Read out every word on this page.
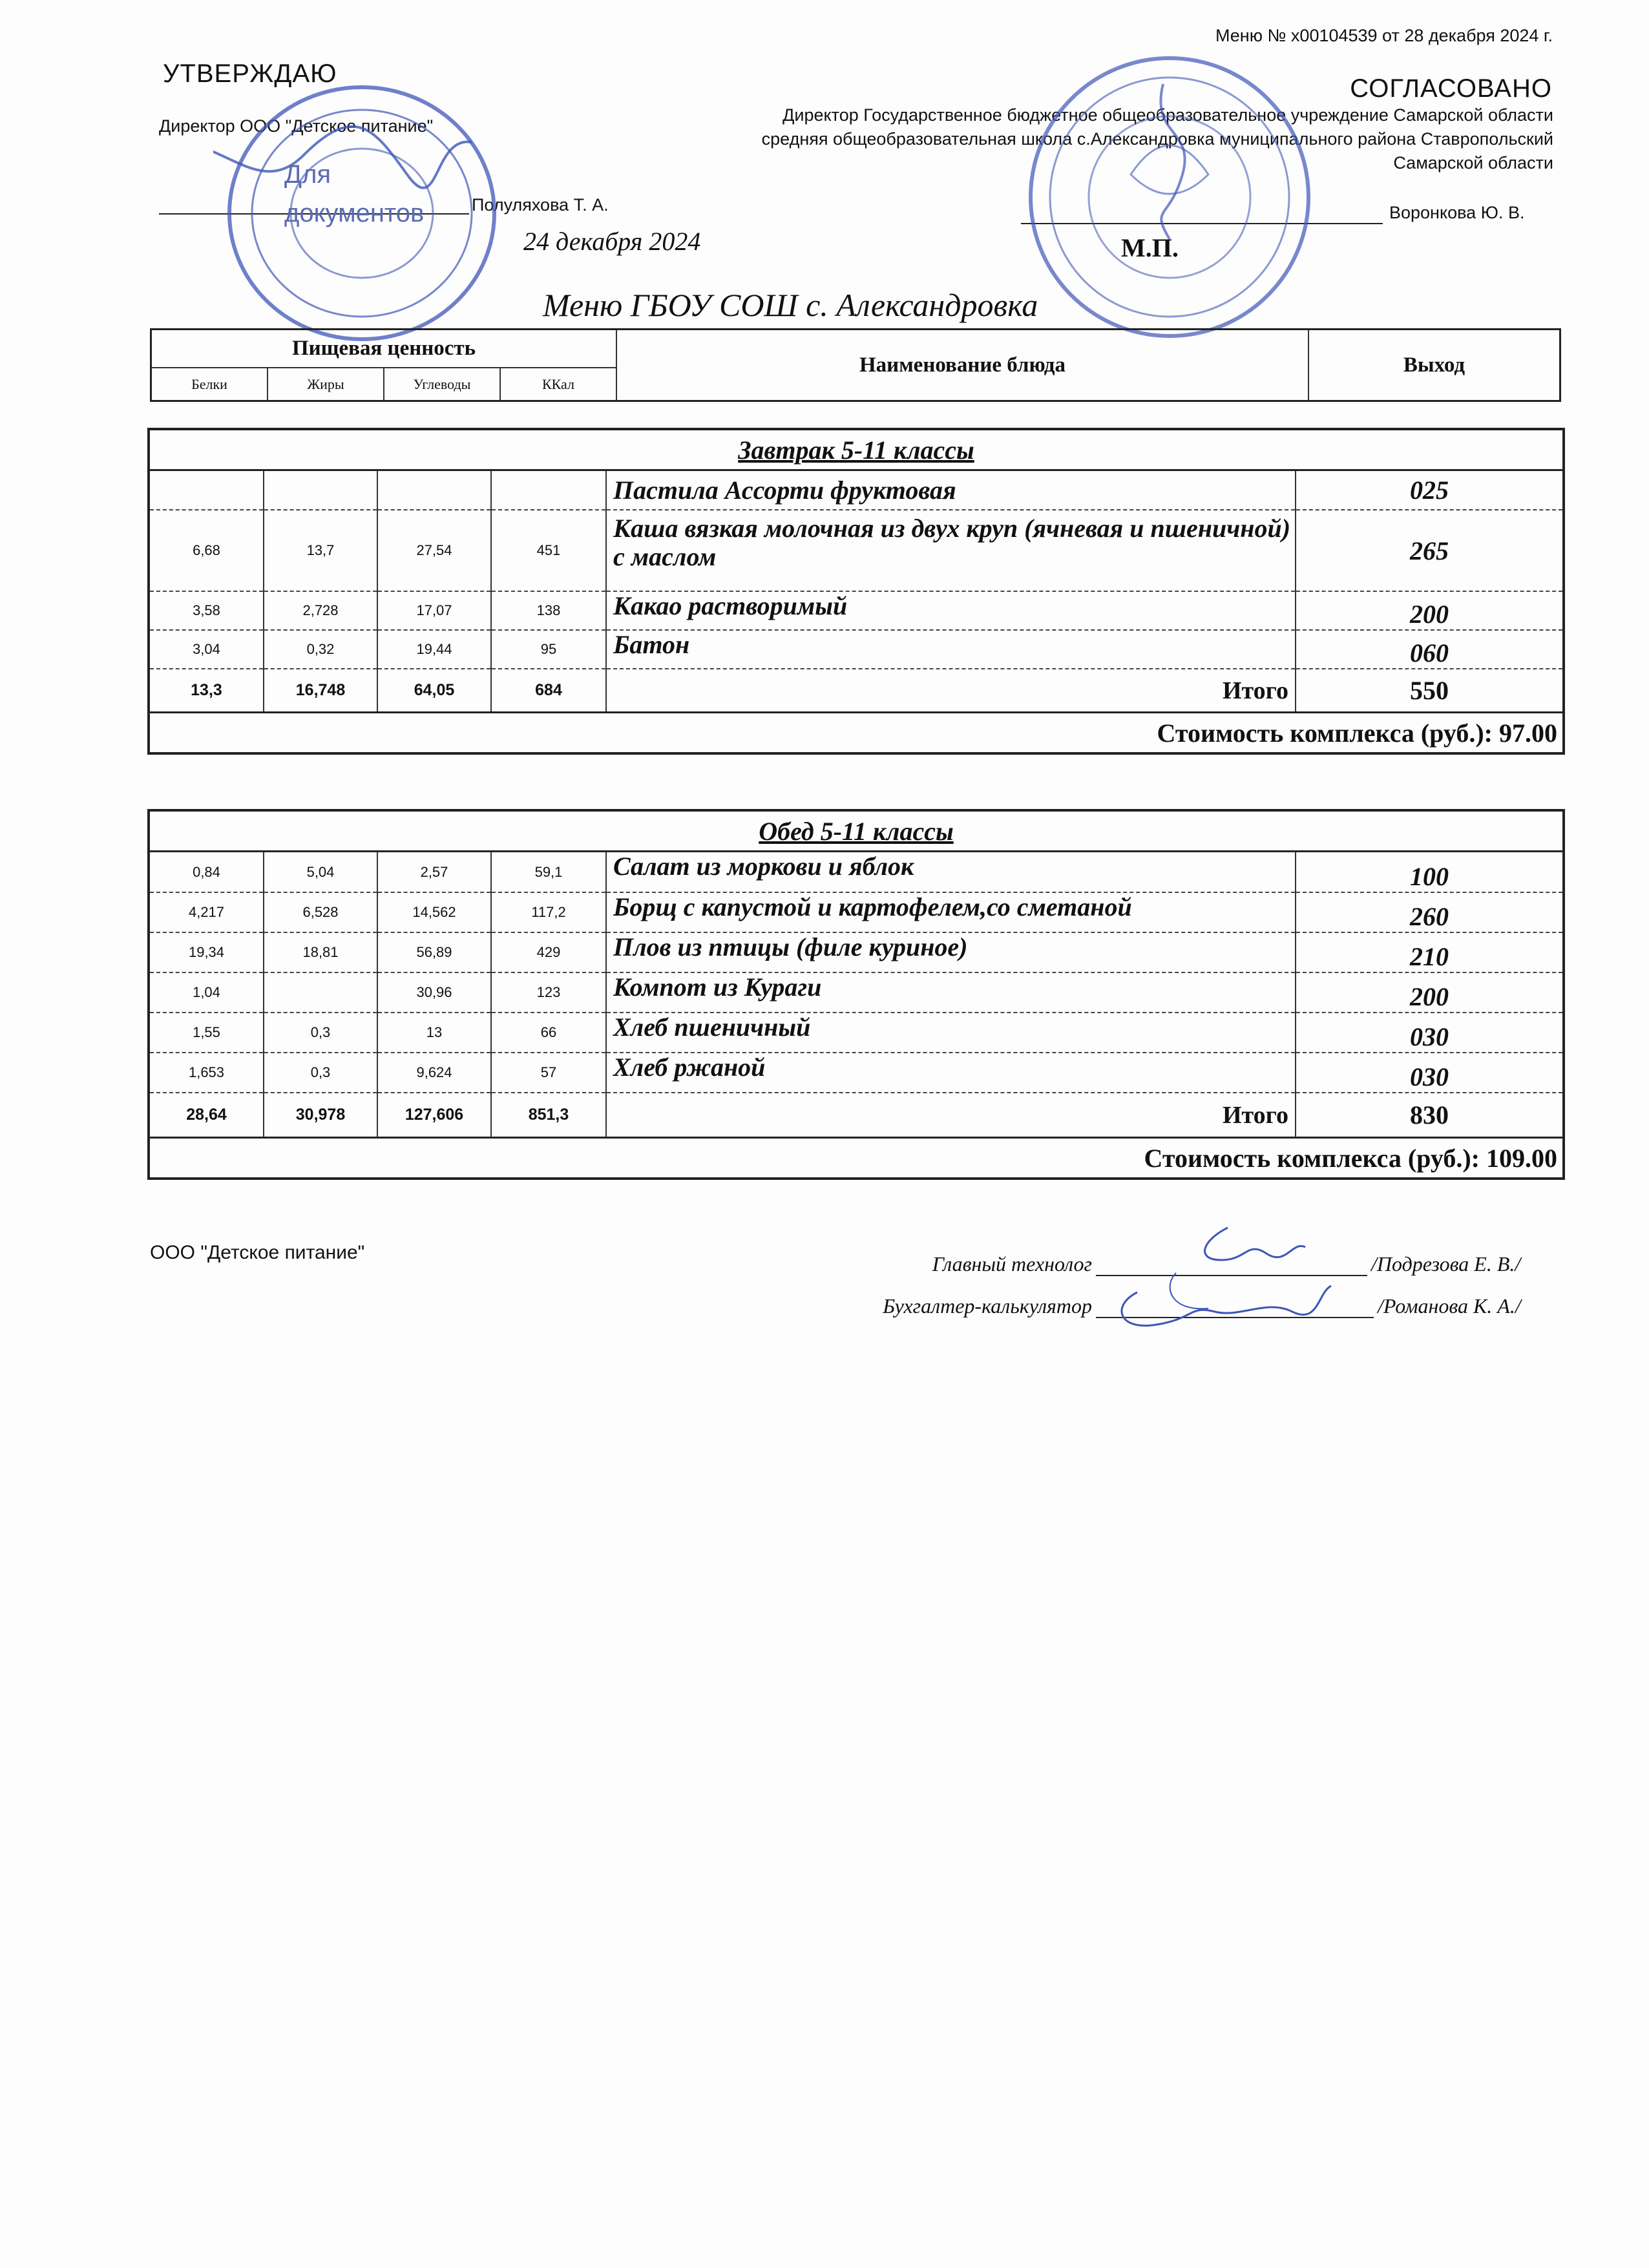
Меню № х00104539 от 28 декабря 2024 г.
УТВЕРЖДАЮ
Директор ООО "Детское питание"
Полуляхова Т. А.
24 декабря 2024
Для
документов
СОГЛАСОВАНО
Директор Государственное бюджетное общеобразовательное учреждение Самарской области средняя общеобразовательная школа с.Александровка муниципального района Ставропольский Самарской области
Воронкова Ю. В.
М.П.
Меню ГБОУ СОШ с. Александровка
Пищевая ценность				Наименование блюда	Выход
Белки	Жиры	Углеводы	ККал		
Завтрак 5-11 классы
				Пастила Ассорти фруктовая	025
6,68	13,7	27,54	451	Каша вязкая молочная из двух круп (ячневая и пшеничной) с маслом	265
3,58	2,728	17,07	138	Какао растворимый	200
3,04	0,32	19,44	95	Батон	060
13,3	16,748	64,05	684	Итого	550
Стоимость комплекса (руб.): 97.00
Обед 5-11 классы
0,84	5,04	2,57	59,1	Салат из моркови и яблок	100
4,217	6,528	14,562	117,2	Борщ с капустой и картофелем,со сметаной	260
19,34	18,81	56,89	429	Плов из птицы (филе куриное)	210
1,04		30,96	123	Компот из Кураги	200
1,55	0,3	13	66	Хлеб пшеничный	030
1,653	0,3	9,624	57	Хлеб ржаной	030
28,64	30,978	127,606	851,3	Итого	830
Стоимость комплекса (руб.): 109.00
ООО "Детское питание"	Главный технолог	/Подрезова Е. В./
Бухгалтер-калькулятор	/Романова К. А./
